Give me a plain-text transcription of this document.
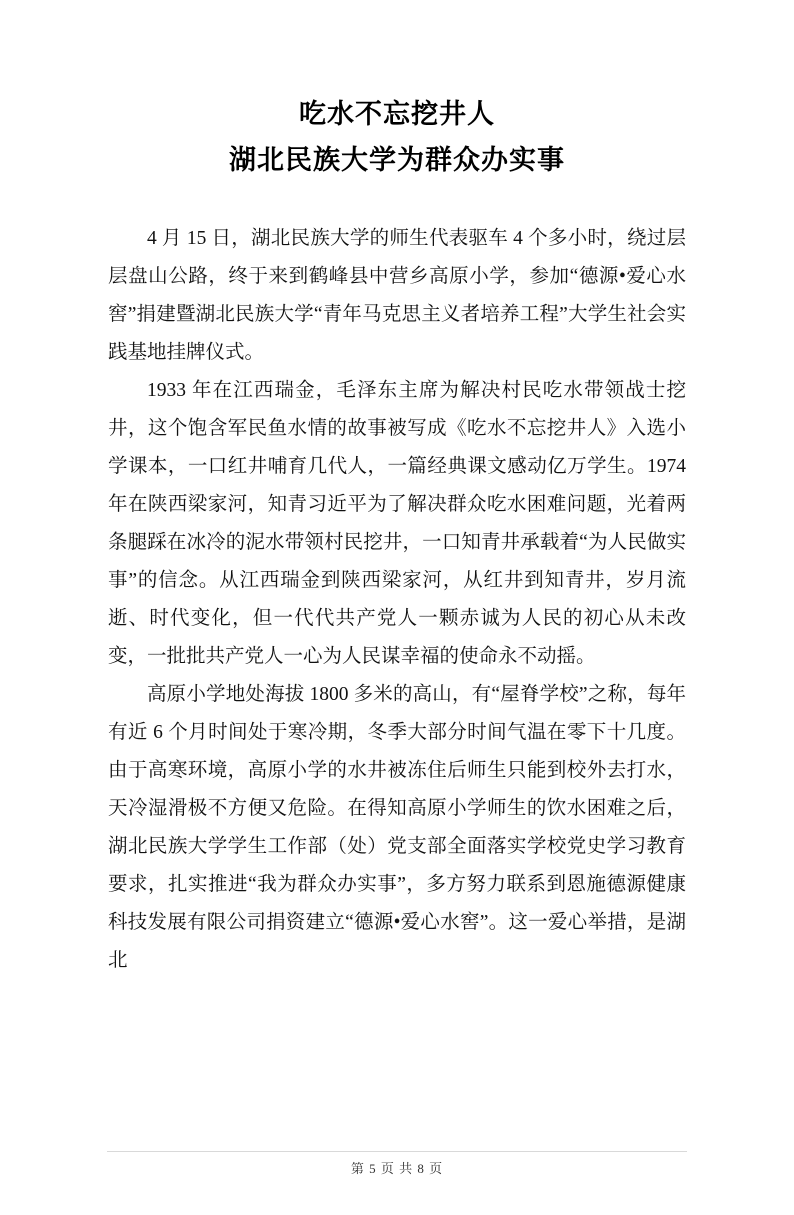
吃水不忘挖井人
湖北民族大学为群众办实事

4 月 15 日，湖北民族大学的师生代表驱车 4 个多小时，绕过层层盘山公路，终于来到鹤峰县中营乡高原小学，参加“德源•爱心水窖”捐建暨湖北民族大学“青年马克思主义者培养工程”大学生社会实践基地挂牌仪式。

1933 年在江西瑞金，毛泽东主席为解决村民吃水带领战士挖井，这个饱含军民鱼水情的故事被写成《吃水不忘挖井人》入选小学课本，一口红井哺育几代人，一篇经典课文感动亿万学生。1974 年在陕西梁家河，知青习近平为了解决群众吃水困难问题，光着两条腿踩在冰冷的泥水带领村民挖井，一口知青井承载着“为人民做实事”的信念。从江西瑞金到陕西梁家河，从红井到知青井，岁月流逝、时代变化，但一代代共产党人一颗赤诚为人民的初心从未改变，一批批共产党人一心为人民谋幸福的使命永不动摇。

高原小学地处海拔 1800 多米的高山，有“屋脊学校”之称，每年有近 6 个月时间处于寒冷期，冬季大部分时间气温在零下十几度。由于高寒环境，高原小学的水井被冻住后师生只能到校外去打水，天冷湿滑极不方便又危险。在得知高原小学师生的饮水困难之后，湖北民族大学学生工作部（处）党支部全面落实学校党史学习教育要求，扎实推进“我为群众办实事”，多方努力联系到恩施德源健康科技发展有限公司捐资建立“德源•爱心水窖”。这一爱心举措，是湖北

第 5 页 共 8 页
